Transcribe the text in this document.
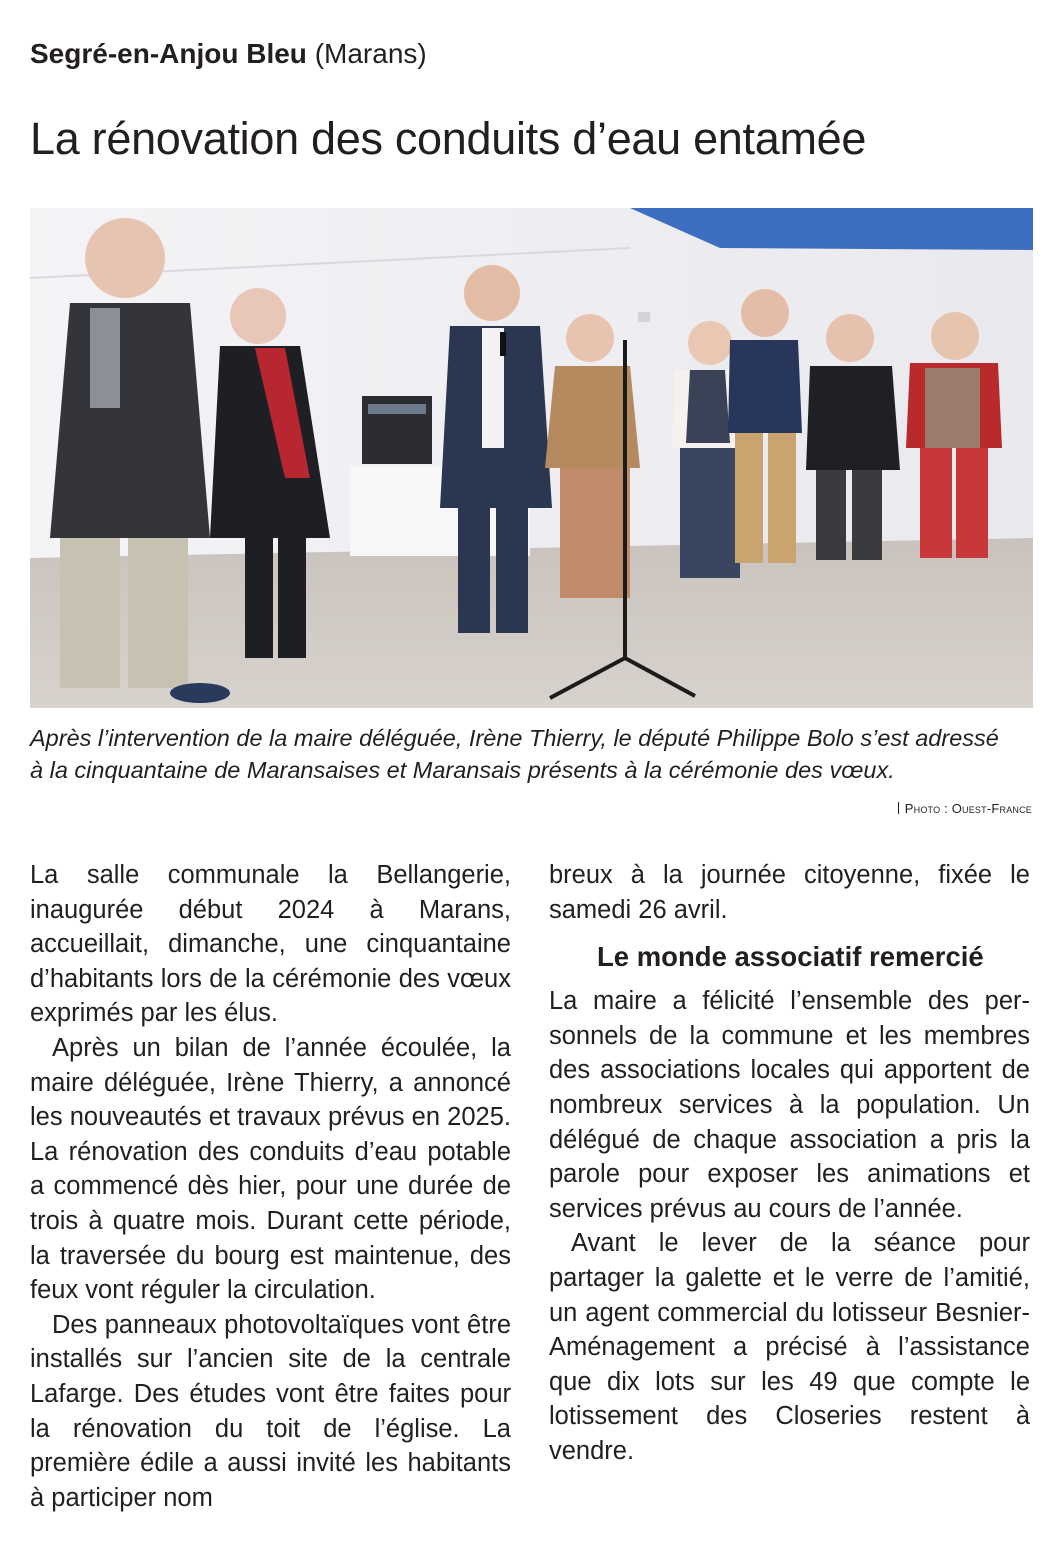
Segré-en-Anjou Bleu (Marans)
La rénovation des conduits d’eau entamée

Après l’intervention de la maire déléguée, Irène Thierry, le député Philippe Bolo s’est adressé à la cinquantaine de Maransaises et Maransais présents à la cérémonie des vœux.

Photo : Ouest-France

La salle communale la Bellangerie, inaugurée début 2024 à Marans, accueillait, dimanche, une cinquantaine d’habitants lors de la cérémonie des vœux exprimés par les élus.

Après un bilan de l’année écoulée, la maire déléguée, Irène Thierry, a annoncé les nouveautés et travaux prévus en 2025. La rénovation des conduits d’eau potable a commencé dès hier, pour une durée de trois à quatre mois. Durant cette période, la traversée du bourg est maintenue, des feux vont réguler la circulation.

Des panneaux photovoltaïques vont être installés sur l’ancien site de la centrale Lafarge. Des études vont être faites pour la rénovation du toit de l’église. La première édile a aussi invité les habitants à participer nom

breux à la journée citoyenne, fixée le samedi 26 avril.

Le monde associatif remercié

La maire a félicité l’ensemble des personnels de la commune et les membres des associations locales qui apportent de nombreux services à la population. Un délégué de chaque association a pris la parole pour exposer les animations et services prévus au cours de l’année.

Avant le lever de la séance pour partager la galette et le verre de l’amitié, un agent commercial du lotisseur Besnier-Aménagement a précisé à l’assistance que dix lots sur les 49 que compte le lotissement des Closeries restent à vendre.
